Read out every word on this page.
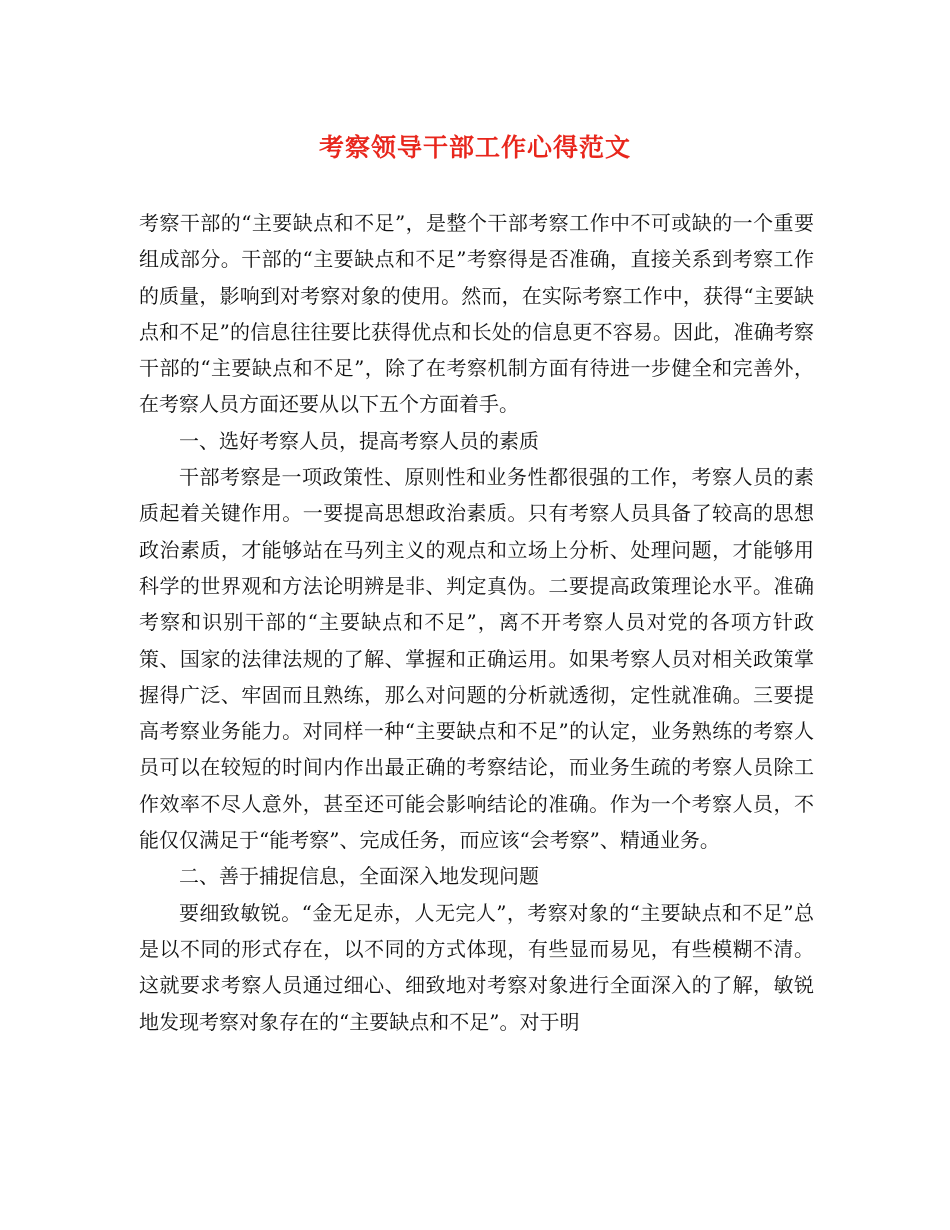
考察领导干部工作心得范文

考察干部的“主要缺点和不足”，是整个干部考察工作中不可或缺的一个重要组成部分。干部的“主要缺点和不足”考察得是否准确，直接关系到考察工作的质量，影响到对考察对象的使用。然而，在实际考察工作中，获得“主要缺点和不足”的信息往往要比获得优点和长处的信息更不容易。因此，准确考察干部的“主要缺点和不足”，除了在考察机制方面有待进一步健全和完善外，在考察人员方面还要从以下五个方面着手。

一、选好考察人员，提高考察人员的素质

干部考察是一项政策性、原则性和业务性都很强的工作，考察人员的素质起着关键作用。一要提高思想政治素质。只有考察人员具备了较高的思想政治素质，才能够站在马列主义的观点和立场上分析、处理问题，才能够用科学的世界观和方法论明辨是非、判定真伪。二要提高政策理论水平。准确考察和识别干部的“主要缺点和不足”，离不开考察人员对党的各项方针政策、国家的法律法规的了解、掌握和正确运用。如果考察人员对相关政策掌握得广泛、牢固而且熟练，那么对问题的分析就透彻，定性就准确。三要提高考察业务能力。对同样一种“主要缺点和不足”的认定，业务熟练的考察人员可以在较短的时间内作出最正确的考察结论，而业务生疏的考察人员除工作效率不尽人意外，甚至还可能会影响结论的准确。作为一个考察人员，不能仅仅满足于“能考察”、完成任务，而应该“会考察”、精通业务。

二、善于捕捉信息，全面深入地发现问题

要细致敏锐。“金无足赤，人无完人”，考察对象的“主要缺点和不足”总是以不同的形式存在，以不同的方式体现，有些显而易见，有些模糊不清。这就要求考察人员通过细心、细致地对考察对象进行全面深入的了解，敏锐地发现考察对象存在的“主要缺点和不足”。对于明
